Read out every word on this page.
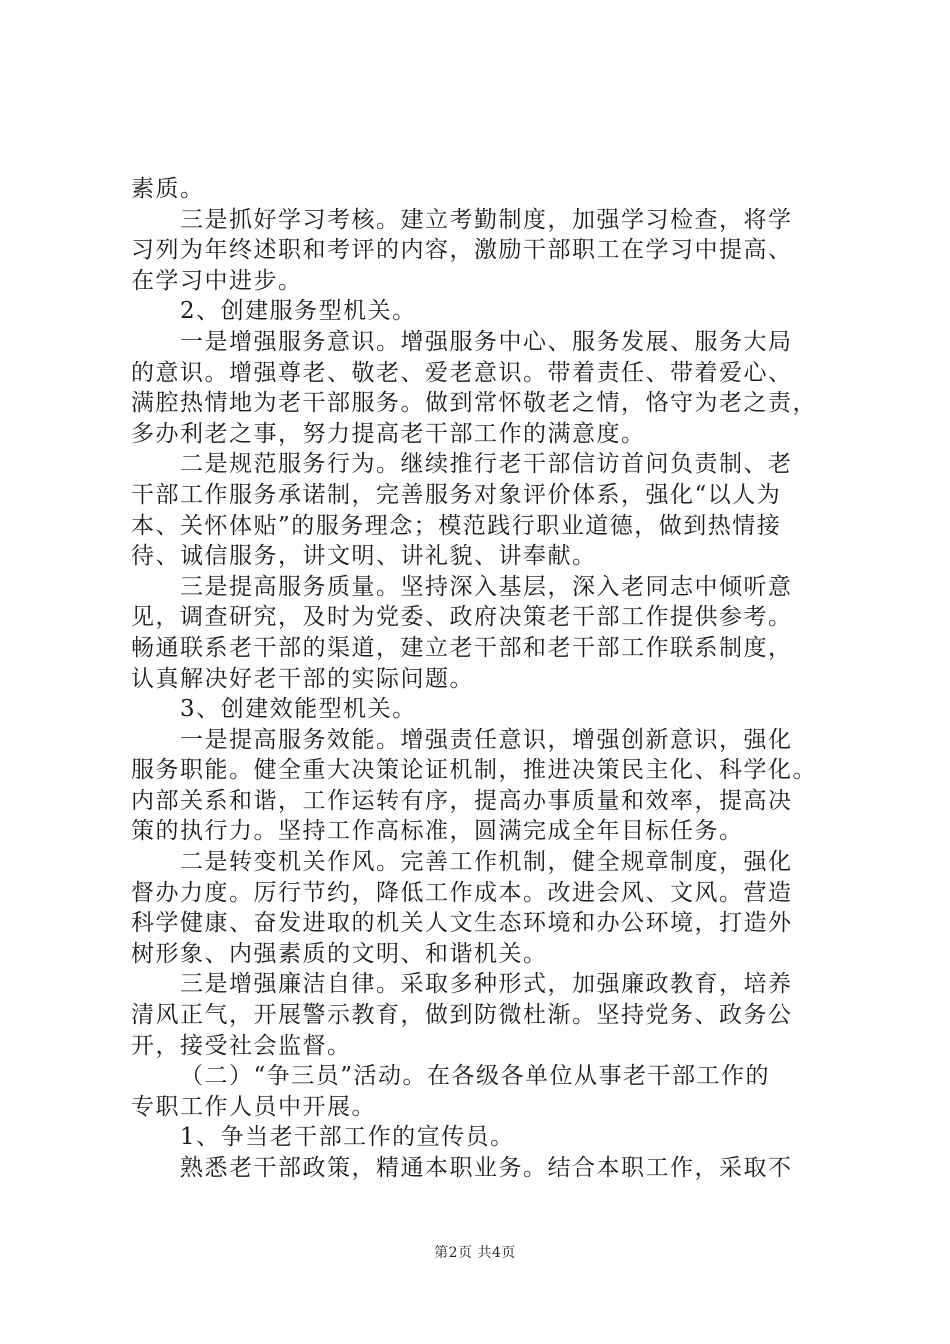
素质。
三是抓好学习考核。建立考勤制度，加强学习检查，将学
习列为年终述职和考评的内容，激励干部职工在学习中提高、
在学习中进步。
2、创建服务型机关。
一是增强服务意识。增强服务中心、服务发展、服务大局
的意识。增强尊老、敬老、爱老意识。带着责任、带着爱心、
满腔热情地为老干部服务。做到常怀敬老之情，恪守为老之责，
多办利老之事，努力提高老干部工作的满意度。
二是规范服务行为。继续推行老干部信访首问负责制、老
干部工作服务承诺制，完善服务对象评价体系，强化“以人为
本、关怀体贴”的服务理念；模范践行职业道德，做到热情接
待、诚信服务，讲文明、讲礼貌、讲奉献。
三是提高服务质量。坚持深入基层，深入老同志中倾听意
见，调查研究，及时为党委、政府决策老干部工作提供参考。
畅通联系老干部的渠道，建立老干部和老干部工作联系制度，
认真解决好老干部的实际问题。
3、创建效能型机关。
一是提高服务效能。增强责任意识，增强创新意识，强化
服务职能。健全重大决策论证机制，推进决策民主化、科学化。
内部关系和谐，工作运转有序，提高办事质量和效率，提高决
策的执行力。坚持工作高标准，圆满完成全年目标任务。
二是转变机关作风。完善工作机制，健全规章制度，强化
督办力度。厉行节约，降低工作成本。改进会风、文风。营造
科学健康、奋发进取的机关人文生态环境和办公环境，打造外
树形象、内强素质的文明、和谐机关。
三是增强廉洁自律。采取多种形式，加强廉政教育，培养
清风正气，开展警示教育，做到防微杜渐。坚持党务、政务公
开，接受社会监督。
（二）“争三员”活动。在各级各单位从事老干部工作的
专职工作人员中开展。
1、争当老干部工作的宣传员。
熟悉老干部政策，精通本职业务。结合本职工作，采取不
第2页 共4页
